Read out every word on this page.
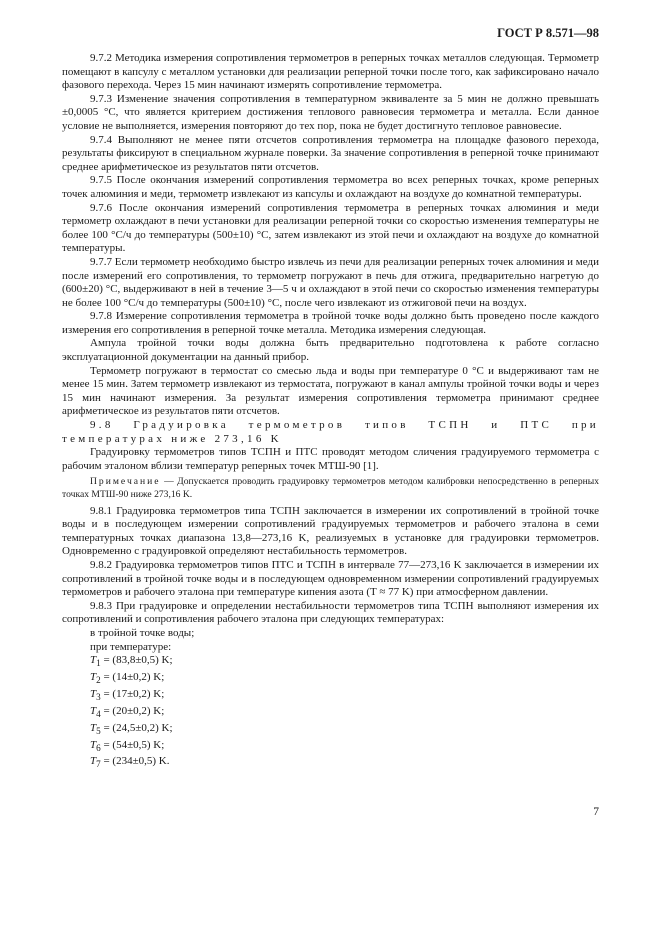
ГОСТ Р 8.571—98

9.7.2 Методика измерения сопротивления термометров в реперных точках металлов следующая. Термометр помещают в капсулу с металлом установки для реализации реперной точки после того, как зафиксировано начало фазового перехода. Через 15 мин начинают измерять сопротивление термометра.

9.7.3 Изменение значения сопротивления в температурном эквиваленте за 5 мин не должно превышать ±0,0005 °С, что является критерием достижения теплового равновесия термометра и металла. Если данное условие не выполняется, измерения повторяют до тех пор, пока не будет достигнуто тепловое равновесие.

9.7.4 Выполняют не менее пяти отсчетов сопротивления термометра на площадке фазового перехода, результаты фиксируют в специальном журнале поверки. За значение сопротивления в реперной точке принимают среднее арифметическое из результатов пяти отсчетов.

9.7.5 После окончания измерений сопротивления термометра во всех реперных точках, кроме реперных точек алюминия и меди, термометр извлекают из капсулы и охлаждают на воздухе до комнатной температуры.

9.7.6 После окончания измерений сопротивления термометра в реперных точках алюминия и меди термометр охлаждают в печи установки для реализации реперной точки со скоростью изменения температуры не более 100 °С/ч до температуры (500±10) °С, затем извлекают из этой печи и охлаждают на воздухе до комнатной температуры.

9.7.7 Если термометр необходимо быстро извлечь из печи для реализации реперных точек алюминия и меди после измерений его сопротивления, то термометр погружают в печь для отжига, предварительно нагретую до (600±20) °С, выдерживают в ней в течение 3—5 ч и охлаждают в этой печи со скоростью изменения температуры не более 100 °С/ч до температуры (500±10) °С, после чего извлекают из отжиговой печи на воздух.

9.7.8 Измерение сопротивления термометра в тройной точке воды должно быть проведено после каждого измерения его сопротивления в реперной точке металла. Методика измерения следующая.

Ампула тройной точки воды должна быть предварительно подготовлена к работе согласно эксплуатационной документации на данный прибор.

Термометр погружают в термостат со смесью льда и воды при температуре 0 °С и выдерживают там не менее 15 мин. Затем термометр извлекают из термостата, погружают в канал ампулы тройной точки воды и через 15 мин начинают измерения. За результат измерения сопротивления термометра принимают среднее арифметическое из результатов пяти отсчетов.

9.8 Градуировка термометров типов ТСПН и ПТС при температурах ниже 273,16 K

Градуировку термометров типов ТСПН и ПТС проводят методом сличения градуируемого термометра с рабочим эталоном вблизи температур реперных точек МТШ-90 [1].

Примечание — Допускается проводить градуировку термометров методом калибровки непосредственно в реперных точках МТШ-90 ниже 273,16 K.

9.8.1 Градуировка термометров типа ТСПН заключается в измерении их сопротивлений в тройной точке воды и в последующем измерении сопротивлений градуируемых термометров и рабочего эталона в семи температурных точках диапазона 13,8—273,16 K, реализуемых в установке для градуировки термометров. Одновременно с градуировкой определяют нестабильность термометров.

9.8.2 Градуировка термометров типов ПТС и ТСПН в интервале 77—273,16 K заключается в измерении их сопротивлений в тройной точке воды и в последующем одновременном измерении сопротивлений градуируемых термометров и рабочего эталона при температуре кипения азота (T ≈ 77 K) при атмосферном давлении.

9.8.3 При градуировке и определении нестабильности термометров типа ТСПН выполняют измерения их сопротивлений и сопротивления рабочего эталона при следующих температурах:

в тройной точке воды;

при температуре:

$T_1 = (83,8\pm 0,5)$ K;
$T_2 = (14\pm 0,2)$ K;
$T_3 = (17\pm 0,2)$ K;
$T_4 = (20\pm 0,2)$ K;
$T_5 = (24,5\pm 0,2)$ K;
$T_6 = (54\pm 0,5)$ K;
$T_7 = (234\pm 0,5)$ K.
7
